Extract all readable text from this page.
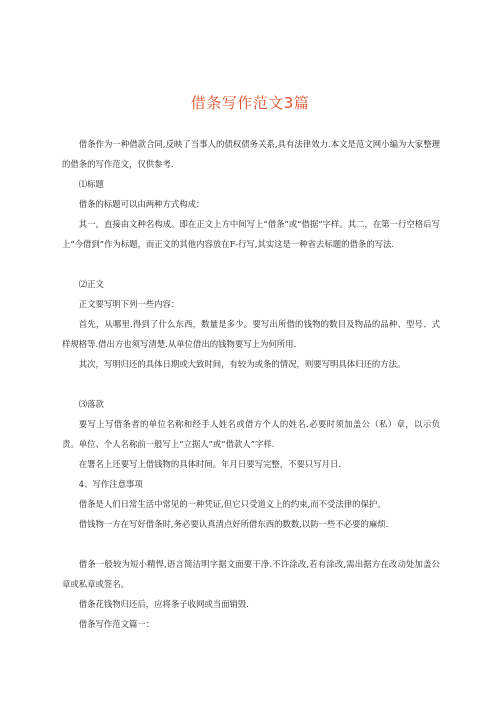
借条写作范文3篇

借条作为一种借款合同,反映了当事人的债权债务关系,具有法律效力.本文是范文网小编为大家整理的借条的写作范文，仅供参考.

⑴标题

借条的标题可以由两种方式构成：

其一，直接由文种名构成。即在正文上方中间写上“借条”或“借据”字样。其二，在第一行空格后写上“今借到”作为标题，而正文的其他内容放在F-行写,其实这是一种省去标题的借条的写法.

⑵正文

正文要写明下列一些内容：

首先，从哪里.得到了什么东西，数量是多少。要写出所借的钱物的数目及物品的品种、型号、式样规格等.借出方也须写清楚.从单位借出的钱物要写上为何所用.

其次，写明归还的具体日期或大致时间，有较为或条的情况，则要写明具体归还的方法。

⑶落款

要写上写借条者的单位名称和经手人姓名或借方个人的姓名.必要时须加盖公（私）章，以示负责。单位、个人名称前一般写上“立据人”或“借款人”字样.

在署名上还要写上借钱物的具体时间。年月日要写完整，不要只写月日.

4、写作注意事项

借条是人们日常生活中常见的一种凭证,但它只受道义上的约束,而不受法律的保护。

借钱物一方在写好借条时,务必要认真清点好所借东西的数数,以防一些不必要的麻烦.

借条一般较为短小精悍,语言简洁明字据文面要干净.不许涂改,若有涂改,需出据方在改动处加盖公章或私章或签名。

借条花钱物归还后，应将条子收网或当面销毁.

借条写作范文篇一：
